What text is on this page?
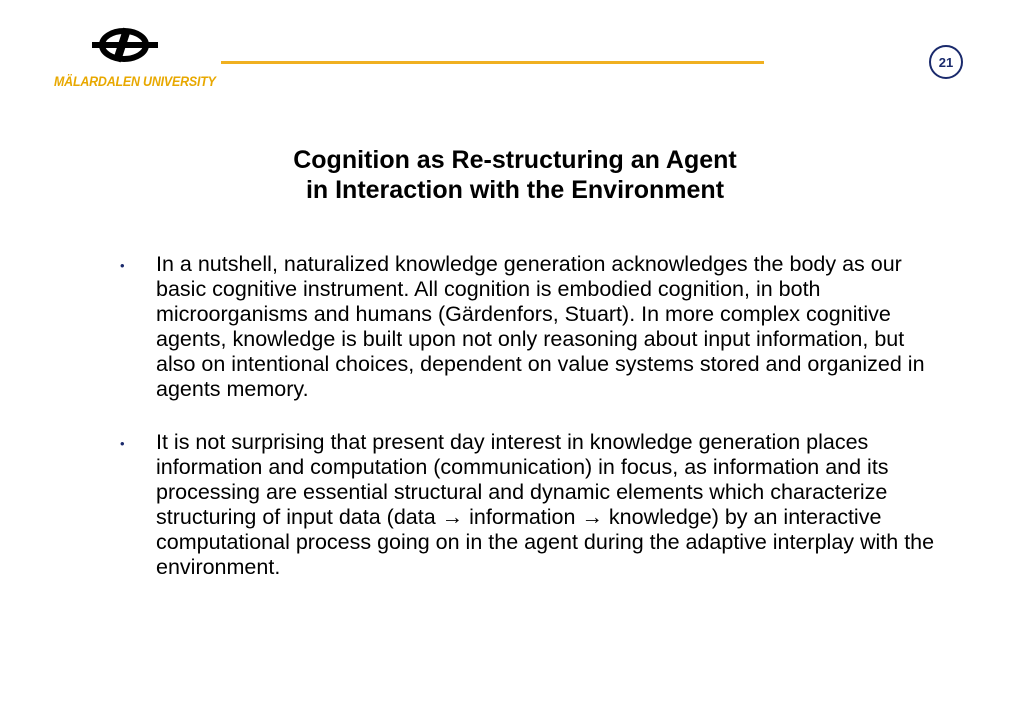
MÄLARDALEN UNIVERSITY
21
Cognition as Re-structuring an Agent
in Interaction with the Environment
• In a nutshell, naturalized knowledge generation acknowledges the body as our basic cognitive instrument. All cognition is embodied cognition, in both microorganisms and humans (Gärdenfors, Stuart). In more complex cognitive agents, knowledge is built upon not only reasoning about input information, but also on intentional choices, dependent on value systems stored and organized in agents memory.
• It is not surprising that present day interest in knowledge generation places information and computation (communication) in focus, as information and its processing are essential structural and dynamic elements which characterize structuring of input data (data → information → knowledge) by an interactive computational process going on in the agent during the adaptive interplay with the environment.
